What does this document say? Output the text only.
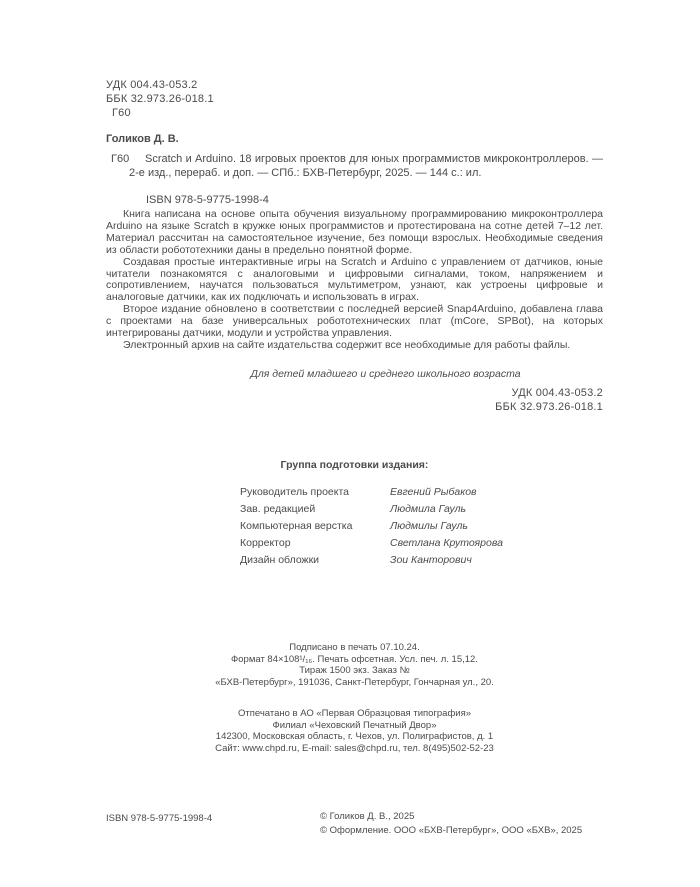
УДК 004.43-053.2
ББК 32.973.26-018.1
Г60
Голиков Д. В.
Г60	Scratch и Arduino. 18 игровых проектов для юных программистов микроконтроллеров. — 2-е изд., перераб. и доп. — СПб.: БХВ-Петербург, 2025. — 144 с.: ил.
ISBN 978-5-9775-1998-4

Книга написана на основе опыта обучения визуальному программированию микроконтроллера Arduino на языке Scratch в кружке юных программистов и протестирована на сотне детей 7–12 лет. Материал рассчитан на самостоятельное изучение, без помощи взрослых. Необходимые сведения из области робототехники даны в предельно понятной форме.

Создавая простые интерактивные игры на Scratch и Arduino с управлением от датчиков, юные читатели познакомятся с аналоговыми и цифровыми сигналами, током, напряжением и сопротивлением, научатся пользоваться мультиметром, узнают, как устроены цифровые и аналоговые датчики, как их подключать и использовать в играх.

Второе издание обновлено в соответствии с последней версией Snap4Arduino, добавлена глава с проектами на базе универсальных робототехнических плат (mCore, SPBot), на которых интегрированы датчики, модули и устройства управления.

Электронный архив на сайте издательства содержит все необходимые для работы файлы.

Для детей младшего и среднего школьного возраста
УДК 004.43-053.2
ББК 32.973.26-018.1
Группа подготовки издания:
Руководитель проекта	Евгений Рыбаков
Зав. редакцией	Людмила Гауль
Компьютерная верстка	Людмилы Гауль
Корректор	Светлана Крутоярова
Дизайн обложки	Зои Канторович
Подписано в печать 07.10.24.
Формат 84×108¹/₁₆. Печать офсетная. Усл. печ. л. 15,12.
Тираж 1500 экз. Заказ №
«БХВ-Петербург», 191036, Санкт-Петербург, Гончарная ул., 20.
Отпечатано в АО «Первая Образцовая типография»
Филиал «Чеховский Печатный Двор»
142300, Московская область, г. Чехов, ул. Полиграфистов, д. 1
Сайт: www.chpd.ru, E-mail: sales@chpd.ru, тел. 8(495)502-52-23
ISBN 978-5-9775-1998-4	© Голиков Д. В., 2025
© Оформление. ООО «БХВ-Петербург», ООО «БХВ», 2025
